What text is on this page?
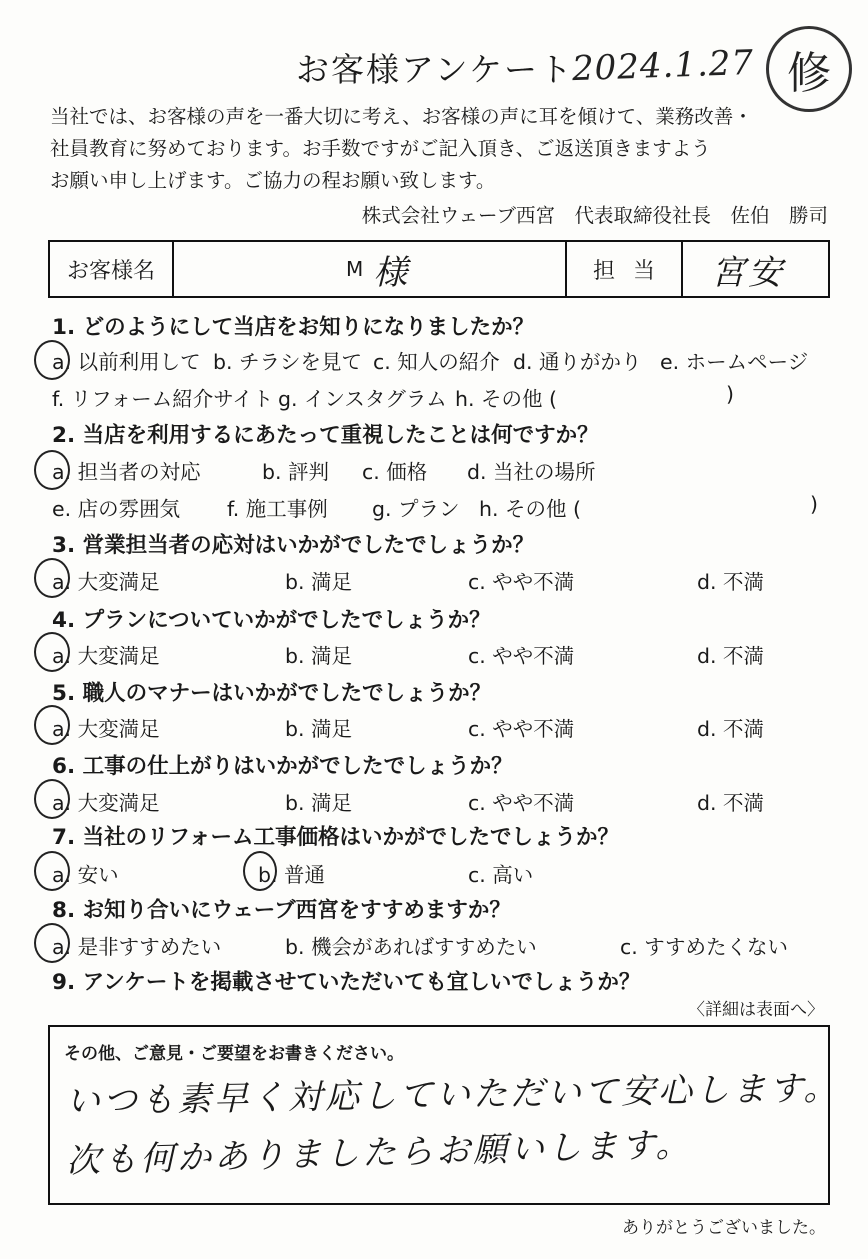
お客様アンケート
2024.1.27 修
当社では、お客様の声を一番大切に考え、お客様の声に耳を傾けて、業務改善・
社員教育に努めております。お手数ですがご記入頂き、ご返送頂きますよう
お願い申し上げます。ご協力の程お願い致します。
株式会社ウェーブ西宮　代表取締役社長　佐伯　勝司
お客様名	M 様	担当	宮安
1. どのようにして当店をお知りになりましたか？
a. 以前利用して b. チラシを見て c. 知人の紹介 d. 通りがかり e. ホームページ
f. リフォーム紹介サイト g. インスタグラム h. その他 (	)
2. 当店を利用するにあたって重視したことは何ですか？
a. 担当者の対応	b. 評判 c. 価格 d. 当社の場所
e. 店の雰囲気 f. 施工事例 g. プラン h. その他 (	)
3. 営業担当者の応対はいかがでしたでしょうか？
a. 大変満足	b. 満足	c. やや不満	d. 不満
4. プランについていかがでしたでしょうか？
a. 大変満足	b. 満足	c. やや不満	d. 不満
5. 職人のマナーはいかがでしたでしょうか？
a. 大変満足	b. 満足	c. やや不満	d. 不満
6. 工事の仕上がりはいかがでしたでしょうか？
a. 大変満足	b. 満足	c. やや不満	d. 不満
7. 当社のリフォーム工事価格はいかがでしたでしょうか？
a. 安い	b. 普通	c. 高い
8. お知り合いにウェーブ西宮をすすめますか？
a. 是非すすめたい	b. 機会があればすすめたい	c. すすめたくない
9. アンケートを掲載させていただいても宜しいでしょうか？
〈詳細は表面へ〉
その他、ご意見・ご要望をお書きください。
いつも素早く対応していただいて安心します。
次も何かありましたらお願いします。
ありがとうございました。
